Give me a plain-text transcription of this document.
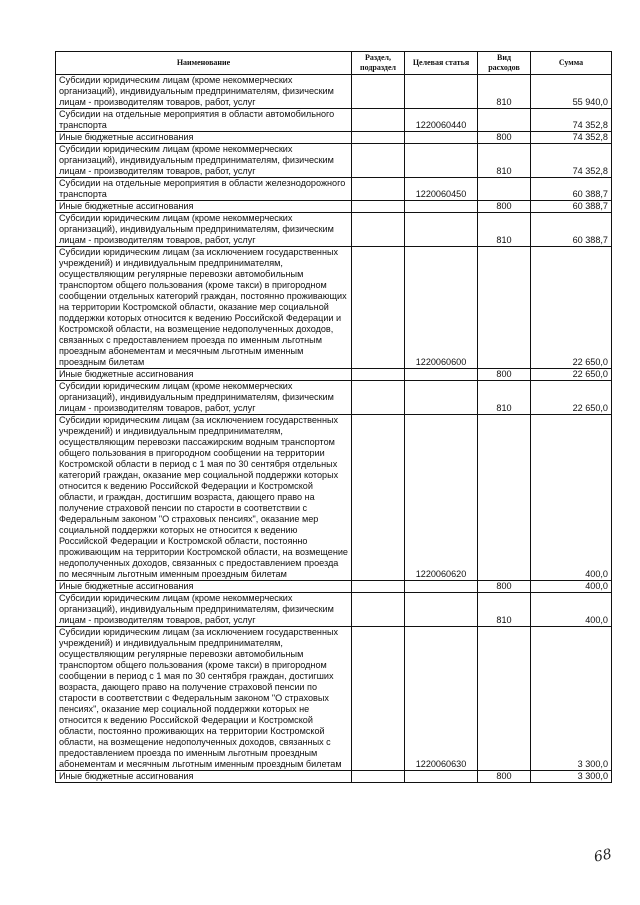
Наименование	Раздел, подраздел	Целевая статья	Вид расходов	Сумма
Субсидии юридическим лицам (кроме некоммерческих организаций), индивидуальным предпринимателям, физическим лицам - производителям товаров, работ, услуг			810	55 940,0
Субсидии на отдельные мероприятия в области автомобильного транспорта		1220060440		74 352,8
Иные бюджетные ассигнования			800	74 352,8
Субсидии юридическим лицам (кроме некоммерческих организаций), индивидуальным предпринимателям, физическим лицам - производителям товаров, работ, услуг			810	74 352,8
Субсидии на отдельные мероприятия в области железнодорожного транспорта		1220060450		60 388,7
Иные бюджетные ассигнования			800	60 388,7
Субсидии юридическим лицам (кроме некоммерческих организаций), индивидуальным предпринимателям, физическим лицам - производителям товаров, работ, услуг			810	60 388,7
Субсидии юридическим лицам (за исключением государственных учреждений) и индивидуальным предпринимателям, осуществляющим регулярные перевозки автомобильным транспортом общего пользования (кроме такси) в пригородном сообщении отдельных категорий граждан, постоянно проживающих на территории Костромской области, оказание мер социальной поддержки которых относится к ведению Российской Федерации и Костромской области, на возмещение недополученных доходов, связанных с предоставлением проезда по именным льготным проездным абонементам и месячным льготным именным проездным билетам		1220060600		22 650,0
Иные бюджетные ассигнования			800	22 650,0
Субсидии юридическим лицам (кроме некоммерческих организаций), индивидуальным предпринимателям, физическим лицам - производителям товаров, работ, услуг			810	22 650,0
Субсидии юридическим лицам (за исключением государственных учреждений) и индивидуальным предпринимателям, осуществляющим перевозки пассажирским водным транспортом общего пользования в пригородном сообщении на территории Костромской области в период с 1 мая по 30 сентября отдельных категорий граждан, оказание мер социальной поддержки которых относится к ведению Российской Федерации и Костромской области, и граждан, достигшим возраста, дающего право на получение страховой пенсии по старости в соответствии с Федеральным законом "О страховых пенсиях", оказание мер социальной поддержки которых не относится к ведению Российской Федерации и Костромской области, постоянно проживающим на территории Костромской области, на возмещение недополученных доходов, связанных с предоставлением проезда по месячным льготным именным проездным билетам		1220060620		400,0
Иные бюджетные ассигнования			800	400,0
Субсидии юридическим лицам (кроме некоммерческих организаций), индивидуальным предпринимателям, физическим лицам - производителям товаров, работ, услуг			810	400,0
Субсидии юридическим лицам (за исключением государственных учреждений) и индивидуальным предпринимателям, осуществляющим регулярные перевозки автомобильным транспортом общего пользования (кроме такси) в пригородном сообщении в период с 1 мая по 30 сентября граждан, достигших возраста, дающего право на получение страховой пенсии по старости в соответствии с Федеральным законом "О страховых пенсиях", оказание мер социальной поддержки которых не относится к ведению Российской Федерации и Костромской области, постоянно проживающих на территории Костромской области, на возмещение недополученных доходов, связанных с предоставлением проезда по именным льготным проездным абонементам и месячным льготным именным проездным билетам		1220060630		3 300,0
Иные бюджетные ассигнования			800	3 300,0
68
